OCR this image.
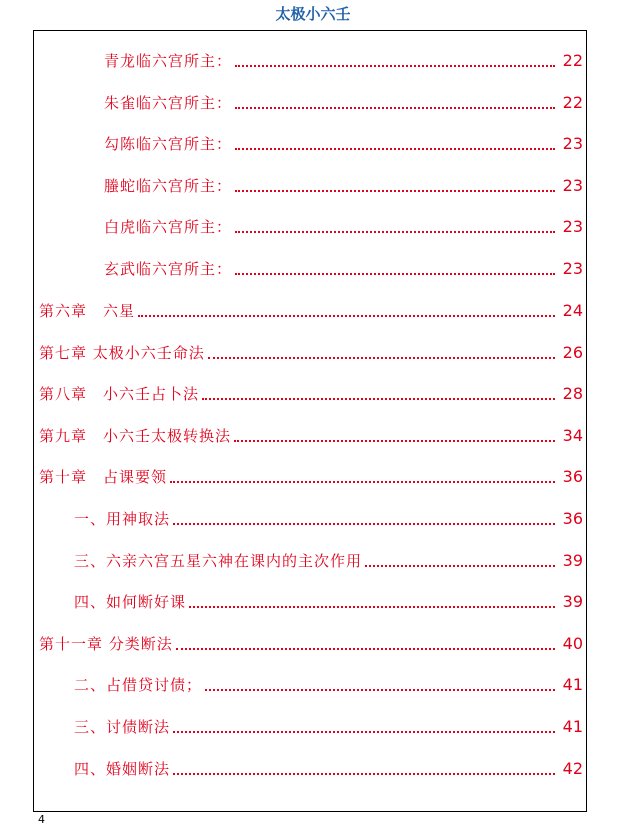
太极小六壬
青龙临六宫所主：	22
朱雀临六宫所主：	22
勾陈临六宫所主：	23
螣蛇临六宫所主：	23
白虎临六宫所主：	23
玄武临六宫所主：	23
第六章　六星	24
第七章 太极小六壬命法	26
第八章　小六壬占卜法	28
第九章　小六壬太极转换法	34
第十章　占课要领	36
一、用神取法	36
三、六亲六宫五星六神在课内的主次作用	39
四、如何断好课	39
第十一章 分类断法	40
二、占借贷讨债；	41
三、讨债断法	41
四、婚姻断法	42
4
